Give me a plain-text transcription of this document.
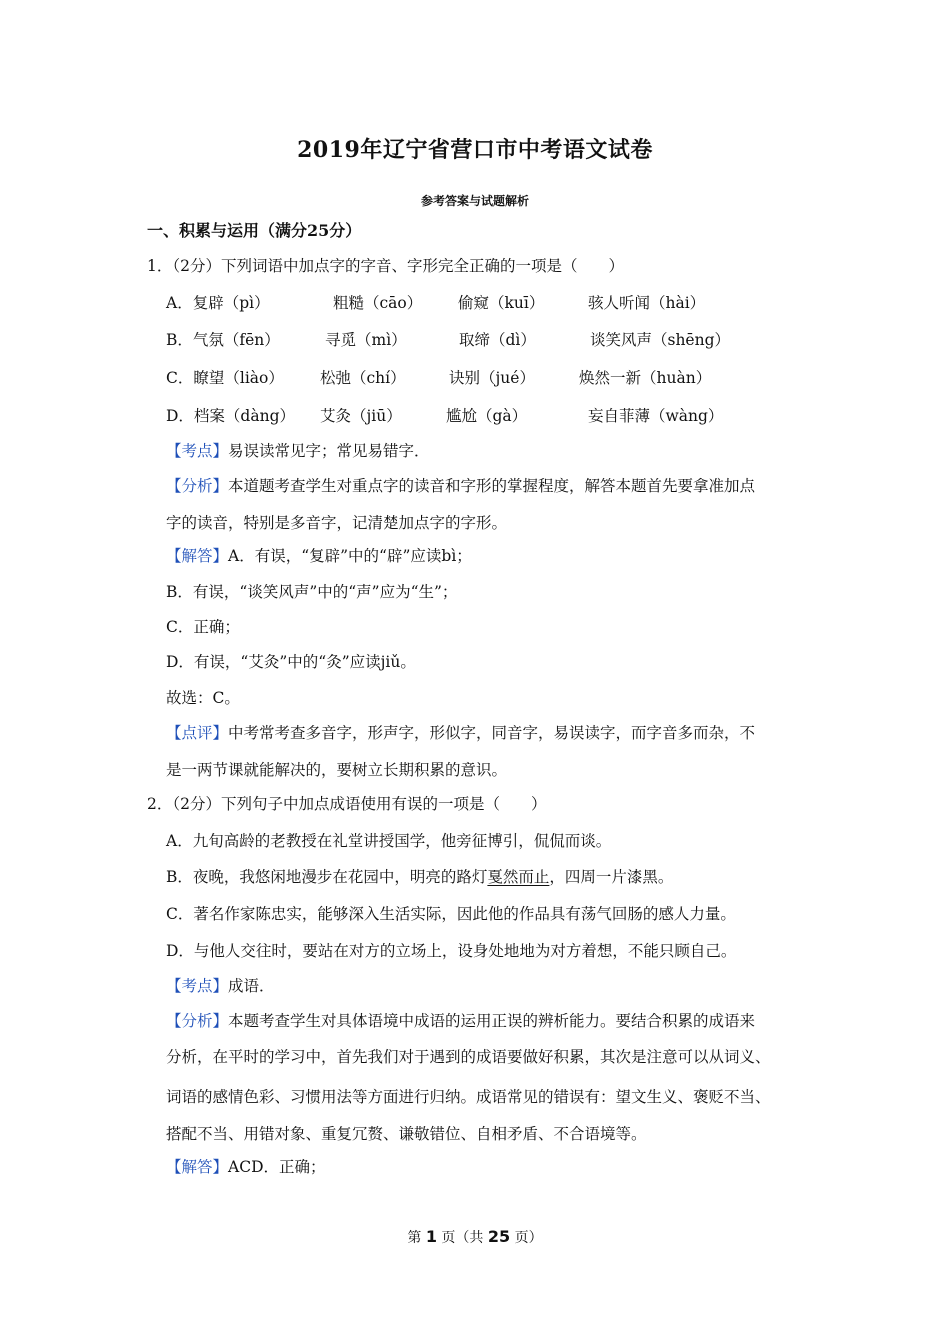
2019年辽宁省营口市中考语文试卷
参考答案与试题解析
一、积累与运用（满分25分）
1．（2分）下列词语中加点字的字音、字形完全正确的一项是（　　）
A．复辟（pì）	粗糙（cāo） 偷窥（kuī）	骇人听闻（hài）
B．气氛（fēn）	寻觅（mì）	取缔（dì）	谈笑风声（shēng）
C．瞭望（liào） 松弛（chí）	诀别（jué）	焕然一新（huàn）
D．档案（dàng） 艾灸（jiū）	尴尬（gà）	妄自菲薄（wàng）
【考点】易误读常见字；常见易错字．
【分析】本道题考查学生对重点字的读音和字形的掌握程度，解答本题首先要拿准加点
字的读音，特别是多音字，记清楚加点字的字形。
【解答】A．有误，“复辟”中的“辟”应读bì；
B．有误，“谈笑风声”中的“声”应为“生”；
C．正确；
D．有误，“艾灸”中的“灸”应读jiǔ。
故选：C。
【点评】中考常考查多音字，形声字，形似字，同音字，易误读字，而字音多而杂，不
是一两节课就能解决的，要树立长期积累的意识。
2．（2分）下列句子中加点成语使用有误的一项是（　　）
A．九旬高龄的老教授在礼堂讲授国学，他旁征博引，侃侃而谈。
B．夜晚，我悠闲地漫步在花园中，明亮的路灯戛然而止，四周一片漆黑。
C．著名作家陈忠实，能够深入生活实际，因此他的作品具有荡气回肠的感人力量。
D．与他人交往时，要站在对方的立场上，设身处地地为对方着想，不能只顾自己。
【考点】成语．
【分析】本题考查学生对具体语境中成语的运用正误的辨析能力。要结合积累的成语来
分析，在平时的学习中，首先我们对于遇到的成语要做好积累，其次是注意可以从词义、
词语的感情色彩、习惯用法等方面进行归纳。成语常见的错误有：望文生义、褒贬不当、
搭配不当、用错对象、重复冗赘、谦敬错位、自相矛盾、不合语境等。
【解答】ACD．正确；
第 1 页（共 25 页）
